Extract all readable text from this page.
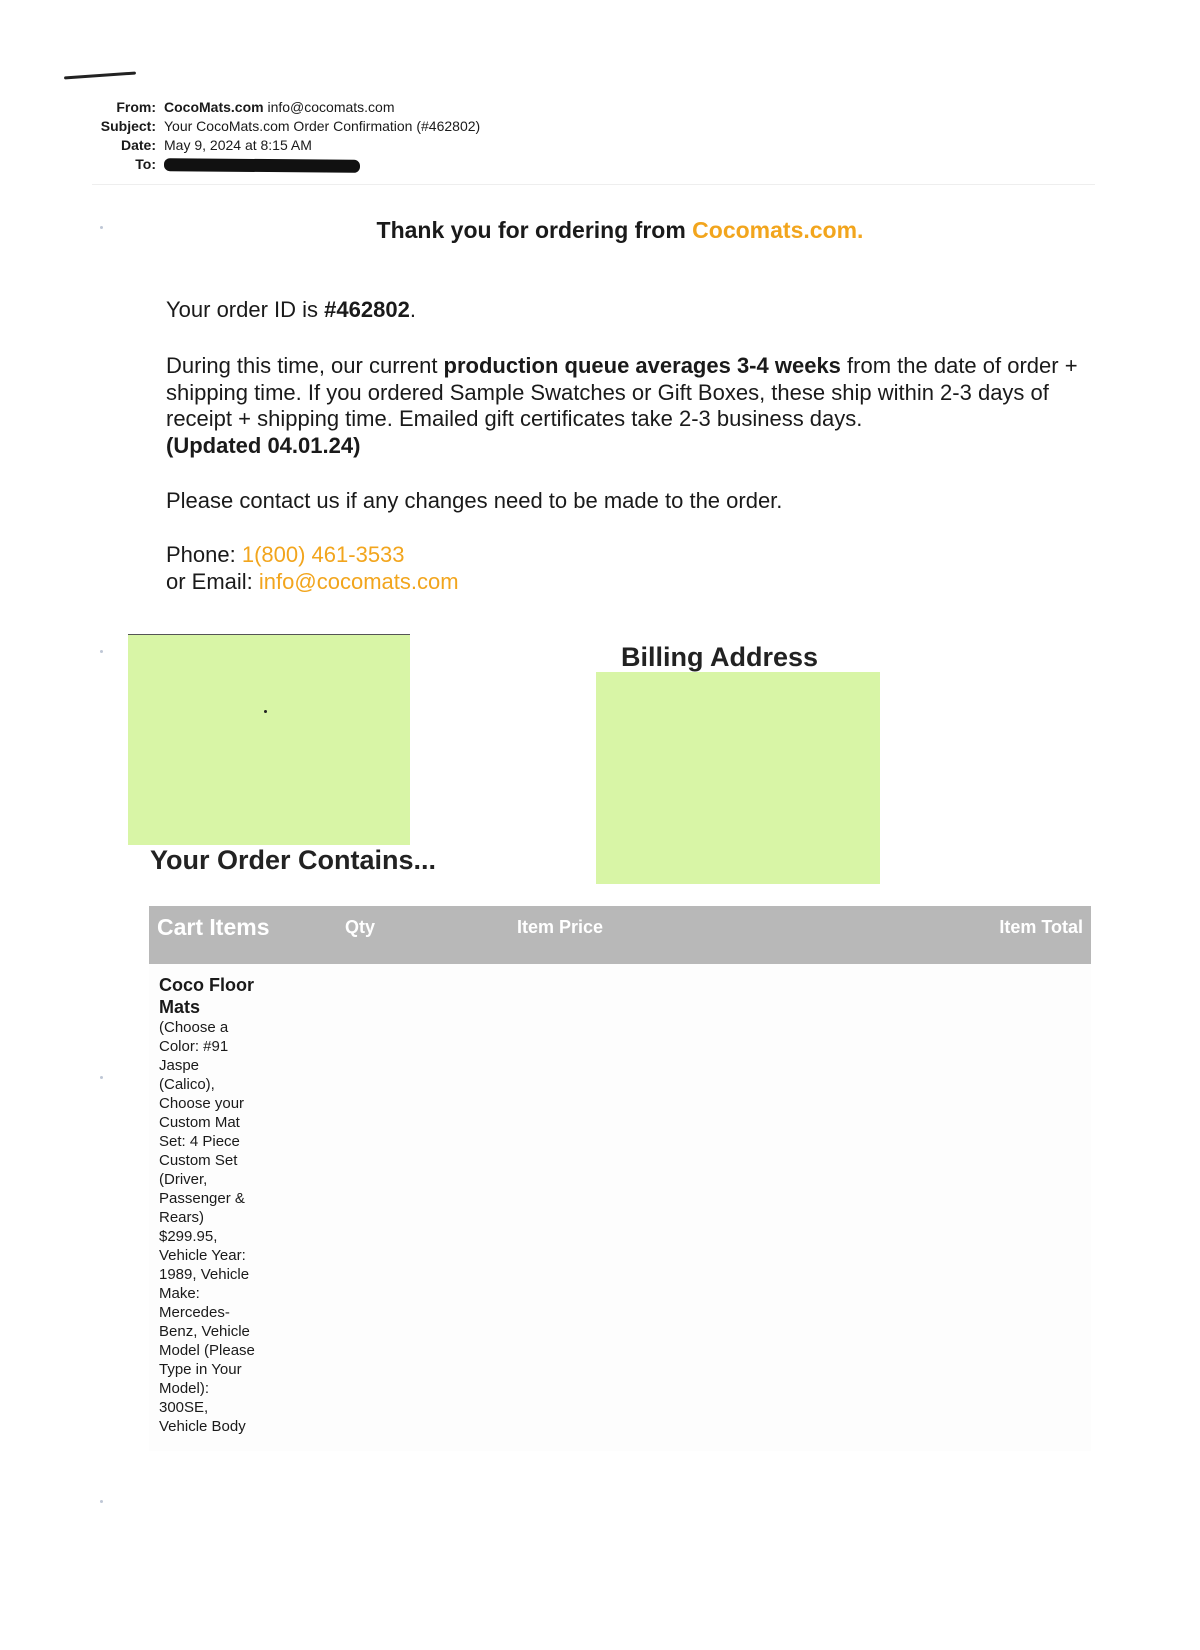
From: CocoMats.com info@cocomats.com
Subject: Your CocoMats.com Order Confirmation (#462802)
Date: May 9, 2024 at 8:15 AM
To:
Thank you for ordering from Cocomats.com.
Your order ID is #462802.
During this time, our current production queue averages 3-4 weeks from the date of order + shipping time. If you ordered Sample Swatches or Gift Boxes, these ship within 2-3 days of receipt + shipping time. Emailed gift certificates take 2-3 business days.
(Updated 04.01.24)
Please contact us if any changes need to be made to the order.
Phone: 1(800) 461-3533
or Email: info@cocomats.com
Billing Address
Your Order Contains...
Cart Items	Qty	Item Price	Item Total
Coco Floor Mats
(Choose a Color: #91 Jaspe (Calico), Choose your Custom Mat Set: 4 Piece Custom Set (Driver, Passenger & Rears) $299.95, Vehicle Year: 1989, Vehicle Make: Mercedes-Benz, Vehicle Model (Please Type in Your Model): 300SE, Vehicle Body
